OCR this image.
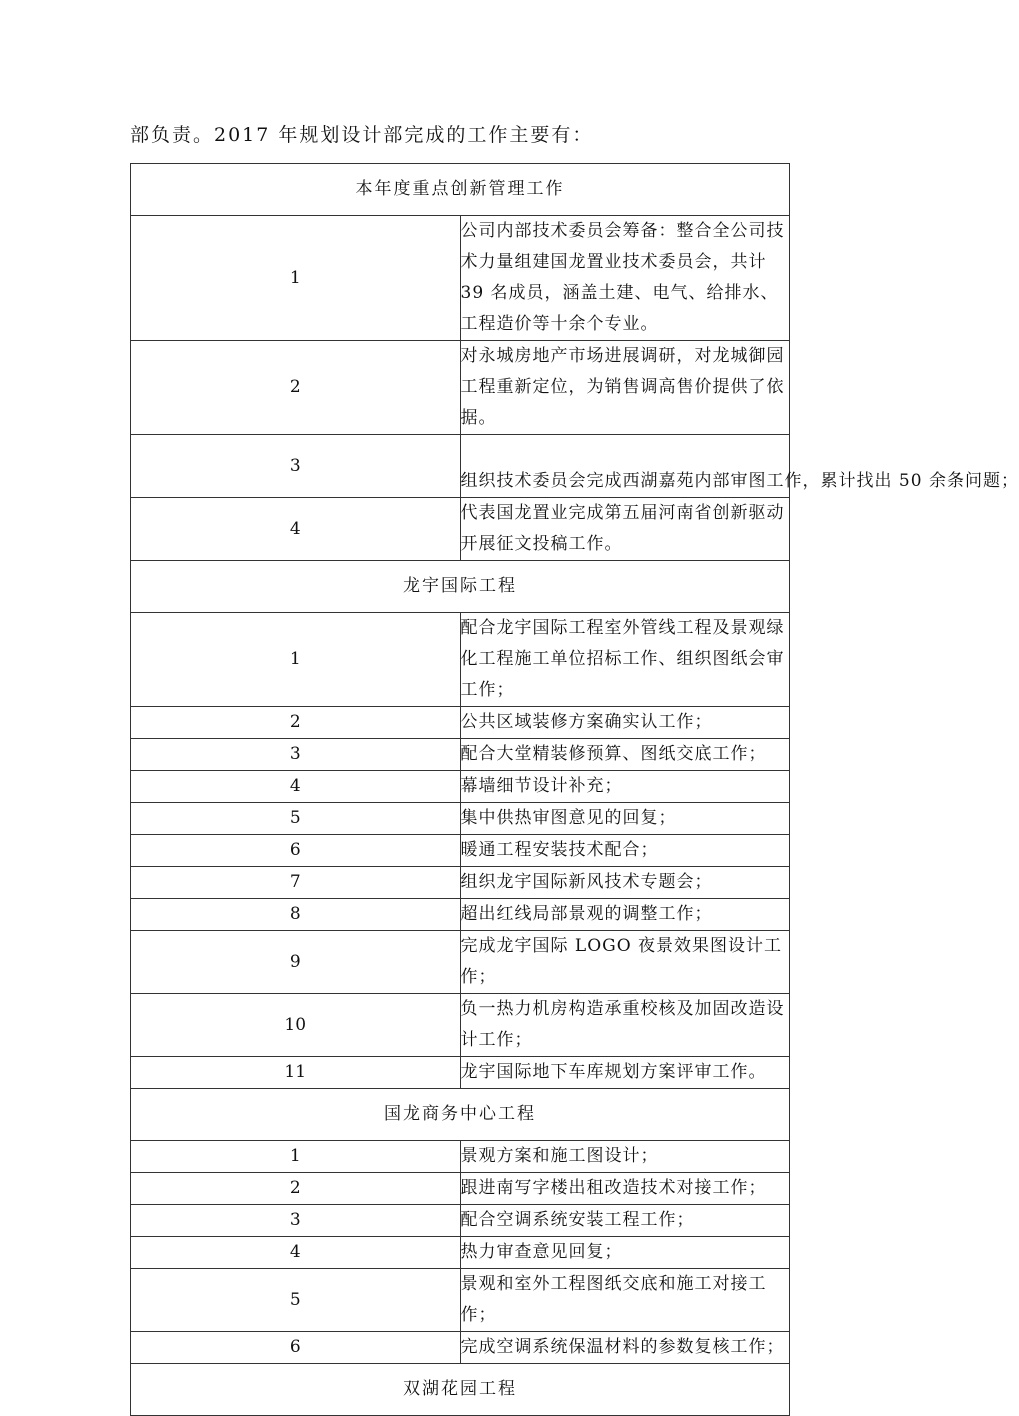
部负责。2017 年规划设计部完成的工作主要有：
本年度重点创新管理工作	
1	公司内部技术委员会筹备：整合全公司技术力量组建国龙置业技术委员会，共计 39 名成员，涵盖土建、电气、给排水、工程造价等十余个专业。
2	对永城房地产市场进展调研，对龙城御园工程重新定位，为销售调高售价提供了依据。
3	组织技术委员会完成西湖嘉苑内部审图工作，累计找出 50 余条问题；
4	代表国龙置业完成第五届河南省创新驱动开展征文投稿工作。
龙宇国际工程	
1	配合龙宇国际工程室外管线工程及景观绿化工程施工单位招标工作、组织图纸会审工作；
2	公共区域装修方案确实认工作；
3	配合大堂精装修预算、图纸交底工作；
4	幕墙细节设计补充；
5	集中供热审图意见的回复；
6	暖通工程安装技术配合；
7	组织龙宇国际新风技术专题会；
8	超出红线局部景观的调整工作；
9	完成龙宇国际 LOGO 夜景效果图设计工作；
10	负一热力机房构造承重校核及加固改造设计工作；
11	龙宇国际地下车库规划方案评审工作。
国龙商务中心工程	
1	景观方案和施工图设计；
2	跟进南写字楼出租改造技术对接工作；
3	配合空调系统安装工程工作；
4	热力审查意见回复；
5	景观和室外工程图纸交底和施工对接工作；
6	完成空调系统保温材料的参数复核工作；
双湖花园工程	
